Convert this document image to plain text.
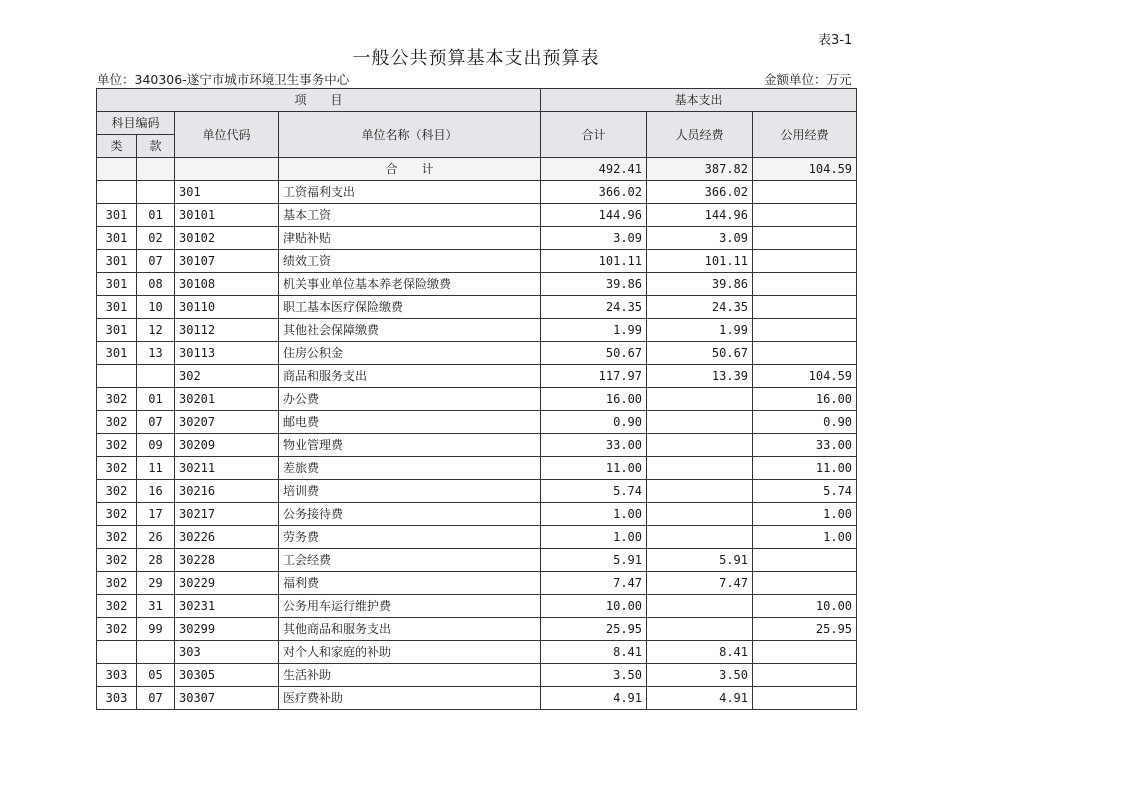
表3-1
一般公共预算基本支出预算表
单位：340306-遂宁市城市环境卫生事务中心	金额单位：万元
项　　目				基本支出		
科目编码		单位代码	单位名称（科目）	合计	人员经费	公用经费
类	款					
			合　　计	492.41	387.82	104.59
		301	工资福利支出	366.02	366.02	
301	01	30101	基本工资	144.96	144.96	
301	02	30102	津贴补贴	3.09	3.09	
301	07	30107	绩效工资	101.11	101.11	
301	08	30108	机关事业单位基本养老保险缴费	39.86	39.86	
301	10	30110	职工基本医疗保险缴费	24.35	24.35	
301	12	30112	其他社会保障缴费	1.99	1.99	
301	13	30113	住房公积金	50.67	50.67	
		302	商品和服务支出	117.97	13.39	104.59
302	01	30201	办公费	16.00		16.00
302	07	30207	邮电费	0.90		0.90
302	09	30209	物业管理费	33.00		33.00
302	11	30211	差旅费	11.00		11.00
302	16	30216	培训费	5.74		5.74
302	17	30217	公务接待费	1.00		1.00
302	26	30226	劳务费	1.00		1.00
302	28	30228	工会经费	5.91	5.91	
302	29	30229	福利费	7.47	7.47	
302	31	30231	公务用车运行维护费	10.00		10.00
302	99	30299	其他商品和服务支出	25.95		25.95
		303	对个人和家庭的补助	8.41	8.41	
303	05	30305	生活补助	3.50	3.50	
303	07	30307	医疗费补助	4.91	4.91	
